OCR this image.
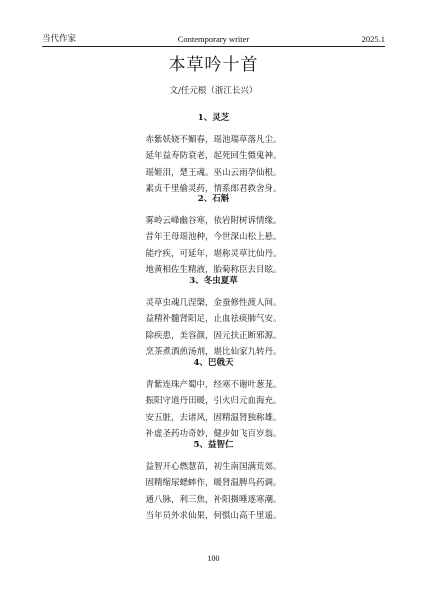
当代作家	Contemporary writer	2025.1
本草吟十首
文/任元根（浙江长兴）
1、灵芝
赤紫妖娆不媚春，瑶池瑞草落凡尘。
延年益寿防衰老，起死回生慑鬼神。
瑶姬泪，楚王魂。巫山云雨孕仙根。
素贞千里偷灵药，情系郎君救舍身。
2、石斛
雾岭云峰幽谷寒，依岩附树诉情缘。
昔年王母瑶池种，今世深山松上悬。
能疗疾，可延年，堪称灵草比仙丹。
地黄相佐生精液，胎菊称臣去目眩。
3、冬虫夏草
灵草虫魂几涅槃，金蚕修性渡人间。
益精补髓肾阳足，止血祛痰肺气安。
除疾患，美容颜，固元扶正断邪源。
烹茶煮酒煎汤剂，堪比仙家九转丹。
4、巴戟天
青紫连珠产蜀中，经寒不谢叶葱茏。
振阳守道丹田暖，引火归元血海充。
安五脏，去诸风，固精温肾独称雄。
补虚圣药功奇妙，健步如飞百岁翁。
5、益智仁
益智开心燃慧苗，初生南国满荒郊。
固精缩尿蟋蟀作，暖肾温脾鸟药调。
通八脉，利三焦，补阳摄唾逐寒潮。
当年员外求仙果，何惧山高千里遥。
100
